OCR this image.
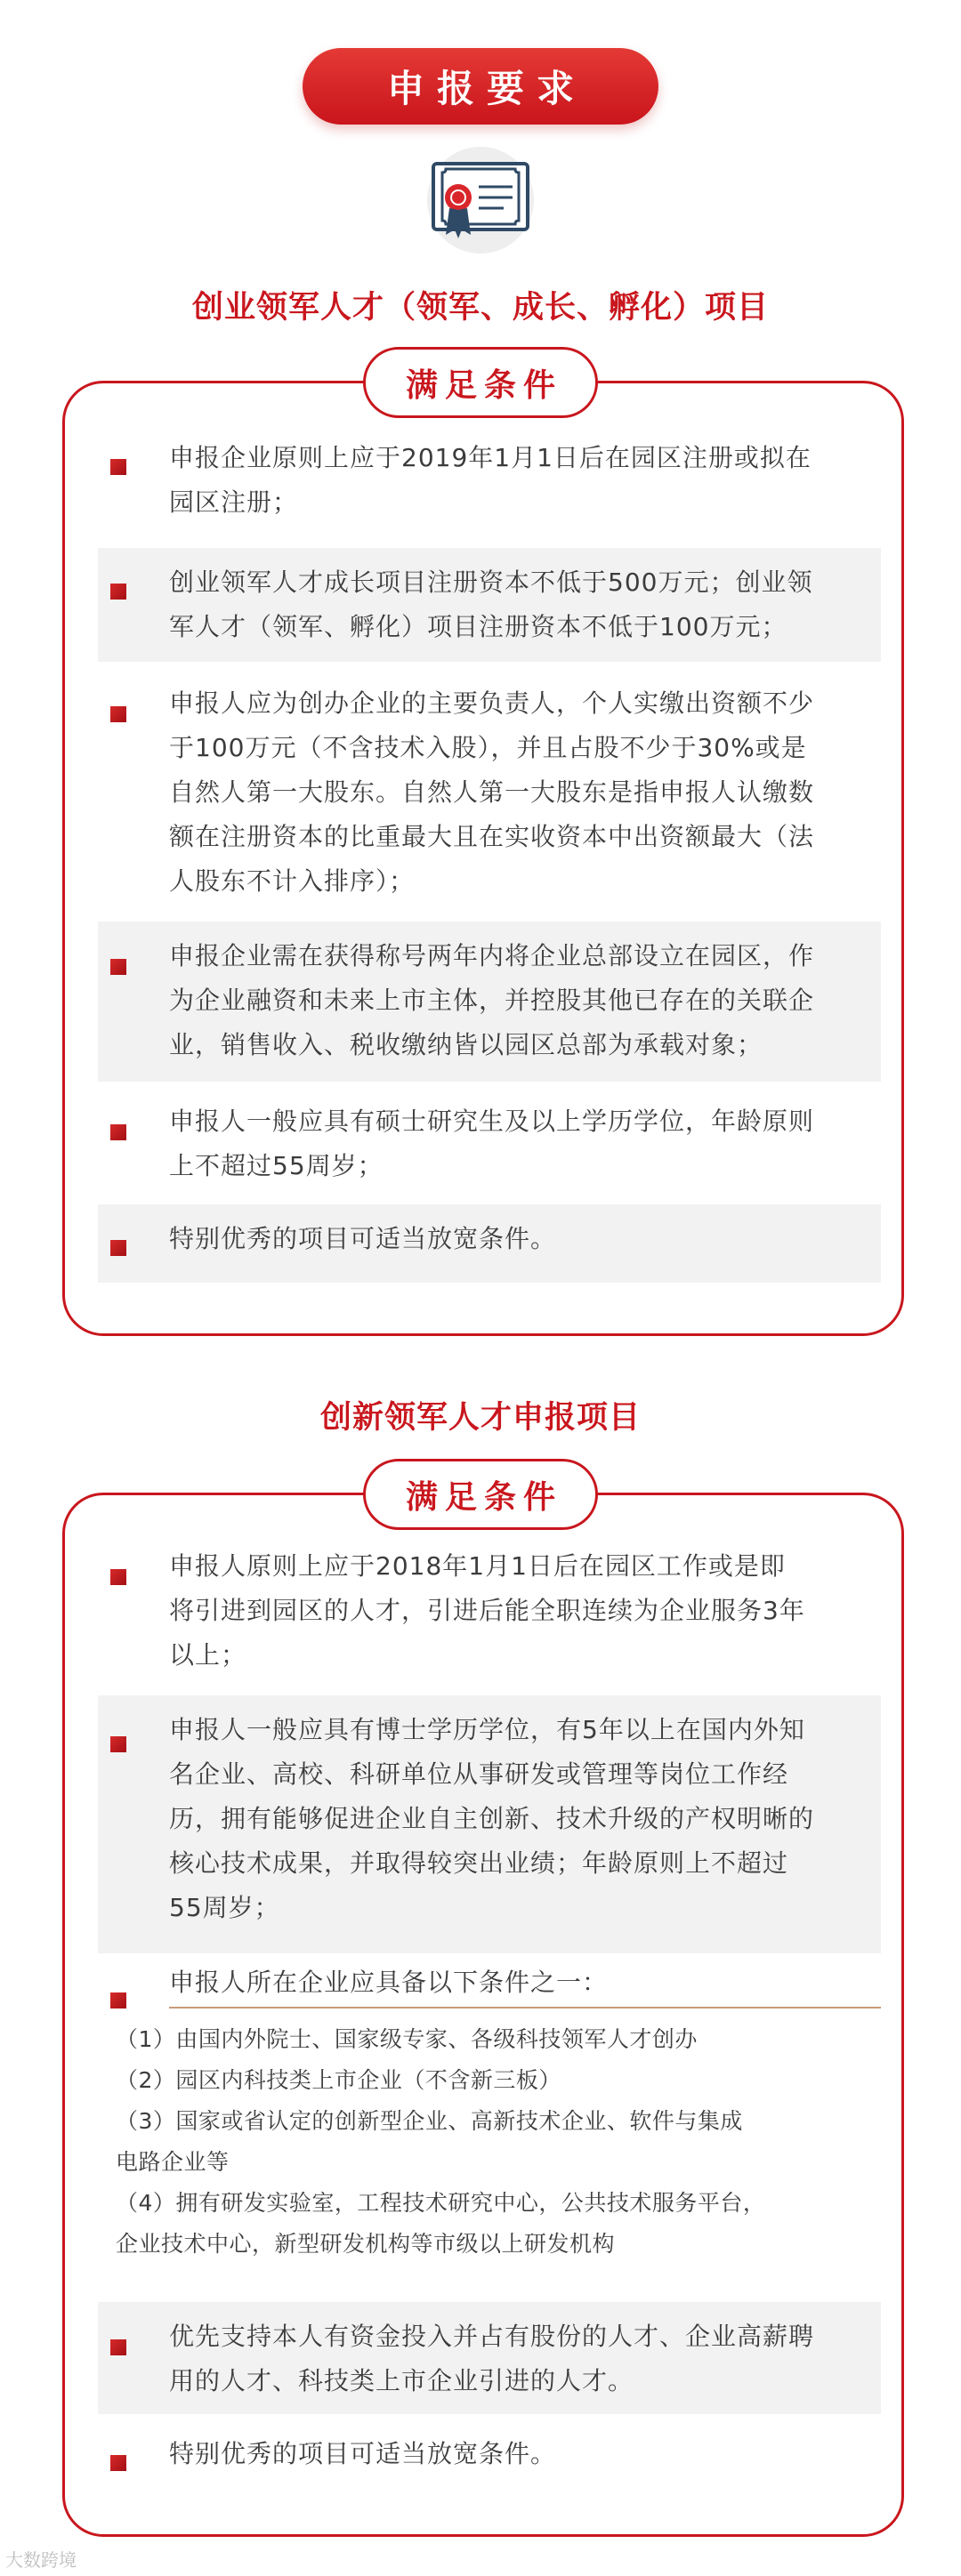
申报要求
创业领军人才（领军、成长、孵化）项目
满足条件
申报企业原则上应于2019年1月1日后在园区注册或拟在
园区注册；
创业领军人才成长项目注册资本不低于500万元；创业领
军人才（领军、孵化）项目注册资本不低于100万元；
申报人应为创办企业的主要负责人，个人实缴出资额不少
于100万元（不含技术入股），并且占股不少于30%或是
自然人第一大股东。自然人第一大股东是指申报人认缴数
额在注册资本的比重最大且在实收资本中出资额最大（法
人股东不计入排序）；
申报企业需在获得称号两年内将企业总部设立在园区，作
为企业融资和未来上市主体，并控股其他已存在的关联企
业，销售收入、税收缴纳皆以园区总部为承载对象；
申报人一般应具有硕士研究生及以上学历学位，年龄原则
上不超过55周岁；
特别优秀的项目可适当放宽条件。
创新领军人才申报项目
满足条件
申报人原则上应于2018年1月1日后在园区工作或是即
将引进到园区的人才，引进后能全职连续为企业服务3年
以上；
申报人一般应具有博士学历学位，有5年以上在国内外知
名企业、高校、科研单位从事研发或管理等岗位工作经
历，拥有能够促进企业自主创新、技术升级的产权明晰的
核心技术成果，并取得较突出业绩；年龄原则上不超过
55周岁；
申报人所在企业应具备以下条件之一：
（1）由国内外院士、国家级专家、各级科技领军人才创办
（2）园区内科技类上市企业（不含新三板）
（3）国家或省认定的创新型企业、高新技术企业、软件与集成
电路企业等
（4）拥有研发实验室，工程技术研究中心，公共技术服务平台，
企业技术中心，新型研发机构等市级以上研发机构
优先支持本人有资金投入并占有股份的人才、企业高薪聘
用的人才、科技类上市企业引进的人才。
特别优秀的项目可适当放宽条件。
大数跨境
